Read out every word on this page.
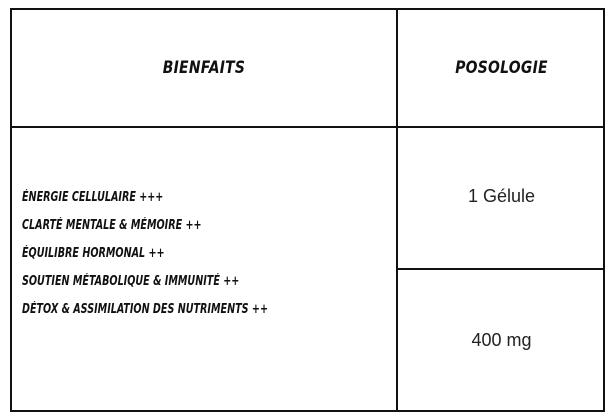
BIENFAITS	POSOLOGIE
ÉNERGIE CELLULAIRE +++
CLARTÉ MENTALE & MÉMOIRE ++
ÉQUILIBRE HORMONAL ++
SOUTIEN MÉTABOLIQUE & IMMUNITÉ ++
DÉTOX & ASSIMILATION DES NUTRIMENTS ++
1 Gélule
400 mg
